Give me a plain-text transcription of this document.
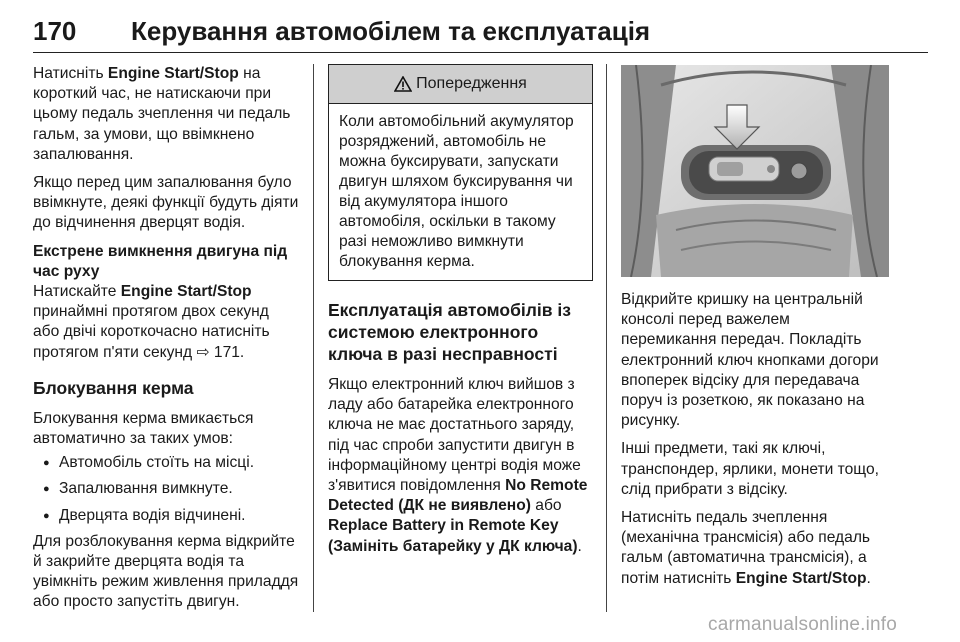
170 Керування автомобілем та експлуатація

Натисніть Engine Start/Stop на короткий час, не натискаючи при цьому педаль зчеплення чи педаль гальм, за умови, що ввімкнено запалювання.

Якщо перед цим запалювання було ввімкнуте, деякі функції будуть діяти до відчинення дверцят водія.

Екстрене вимкнення двигуна під час руху

Натискайте Engine Start/Stop принаймні протягом двох секунд або двічі короткочасно натисніть протягом п'яти секунд ⇨ 171.

Блокування керма

Блокування керма вмикається автоматично за таких умов:

● Автомобіль стоїть на місці.
● Запалювання вимкнуте.
● Дверцята водія відчинені.

Для розблокування керма відкрийте й закрийте дверцята водія та увімкніть режим живлення приладдя або просто запустіть двигун.

Попередження
Коли автомобільний акумулятор розряджений, автомобіль не можна буксирувати, запускати двигун шляхом буксирування чи від акумулятора іншого автомобіля, оскільки в такому разі неможливо вимкнути блокування керма.
Експлуатація автомобілів із системою електронного ключа в разі несправності

Якщо електронний ключ вийшов з ладу або батарейка електронного ключа не має достатнього заряду, під час спроби запустити двигун в інформаційному центрі водія може з'явитися повідомлення No Remote Detected (ДК не виявлено) або Replace Battery in Remote Key (Замініть батарейку у ДК ключа).

Відкрийте кришку на центральній консолі перед важелем перемикання передач. Покладіть електронний ключ кнопками догори впоперек відсіку для передавача поруч із розеткою, як показано на рисунку.

Інші предмети, такі як ключі, транспондер, ярлики, монети тощо, слід прибрати з відсіку.

Натисніть педаль зчеплення (механічна трансмісія) або педаль гальм (автоматична трансмісія), а потім натисніть Engine Start/Stop.

carmanualsonline.info
